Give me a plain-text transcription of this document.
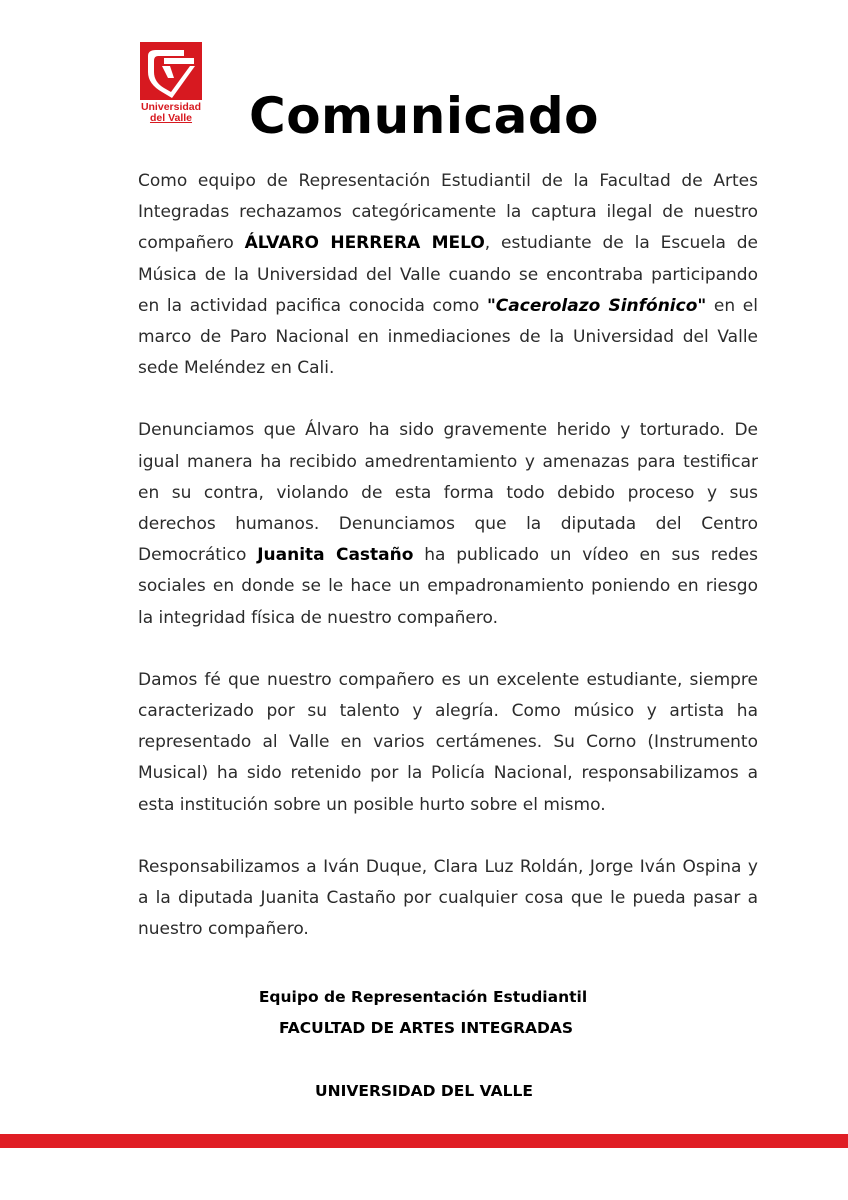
Universidad
del Valle	Comunicado

Como equipo de Representación Estudiantil de la Facultad de Artes Integradas rechazamos categóricamente la captura ilegal de nuestro compañero ÁLVARO HERRERA MELO, estudiante de la Escuela de Música de la Universidad del Valle cuando se encontraba participando en la actividad pacifica conocida como "Cacerolazo Sinfónico" en el marco de Paro Nacional en inmediaciones de la Universidad del Valle sede Meléndez en Cali.

Denunciamos que Álvaro ha sido gravemente herido y torturado. De igual manera ha recibido amedrentamiento y amenazas para testificar en su contra, violando de esta forma todo debido proceso y sus derechos humanos. Denunciamos que la diputada del Centro Democrático Juanita Castaño ha publicado un vídeo en sus redes sociales en donde se le hace un empadronamiento poniendo en riesgo la integridad física de nuestro compañero.

Damos fé que nuestro compañero es un excelente estudiante, siempre caracterizado por su talento y alegría. Como músico y artista ha representado al Valle en varios certámenes. Su Corno (Instrumento Musical) ha sido retenido por la Policía Nacional, responsabilizamos a esta institución sobre un posible hurto sobre el mismo.

Responsabilizamos a Iván Duque, Clara Luz Roldán, Jorge Iván Ospina y a la diputada Juanita Castaño por cualquier cosa que le pueda pasar a nuestro compañero.

Equipo de Representación Estudiantil
FACULTAD DE ARTES INTEGRADAS
UNIVERSIDAD DEL VALLE
